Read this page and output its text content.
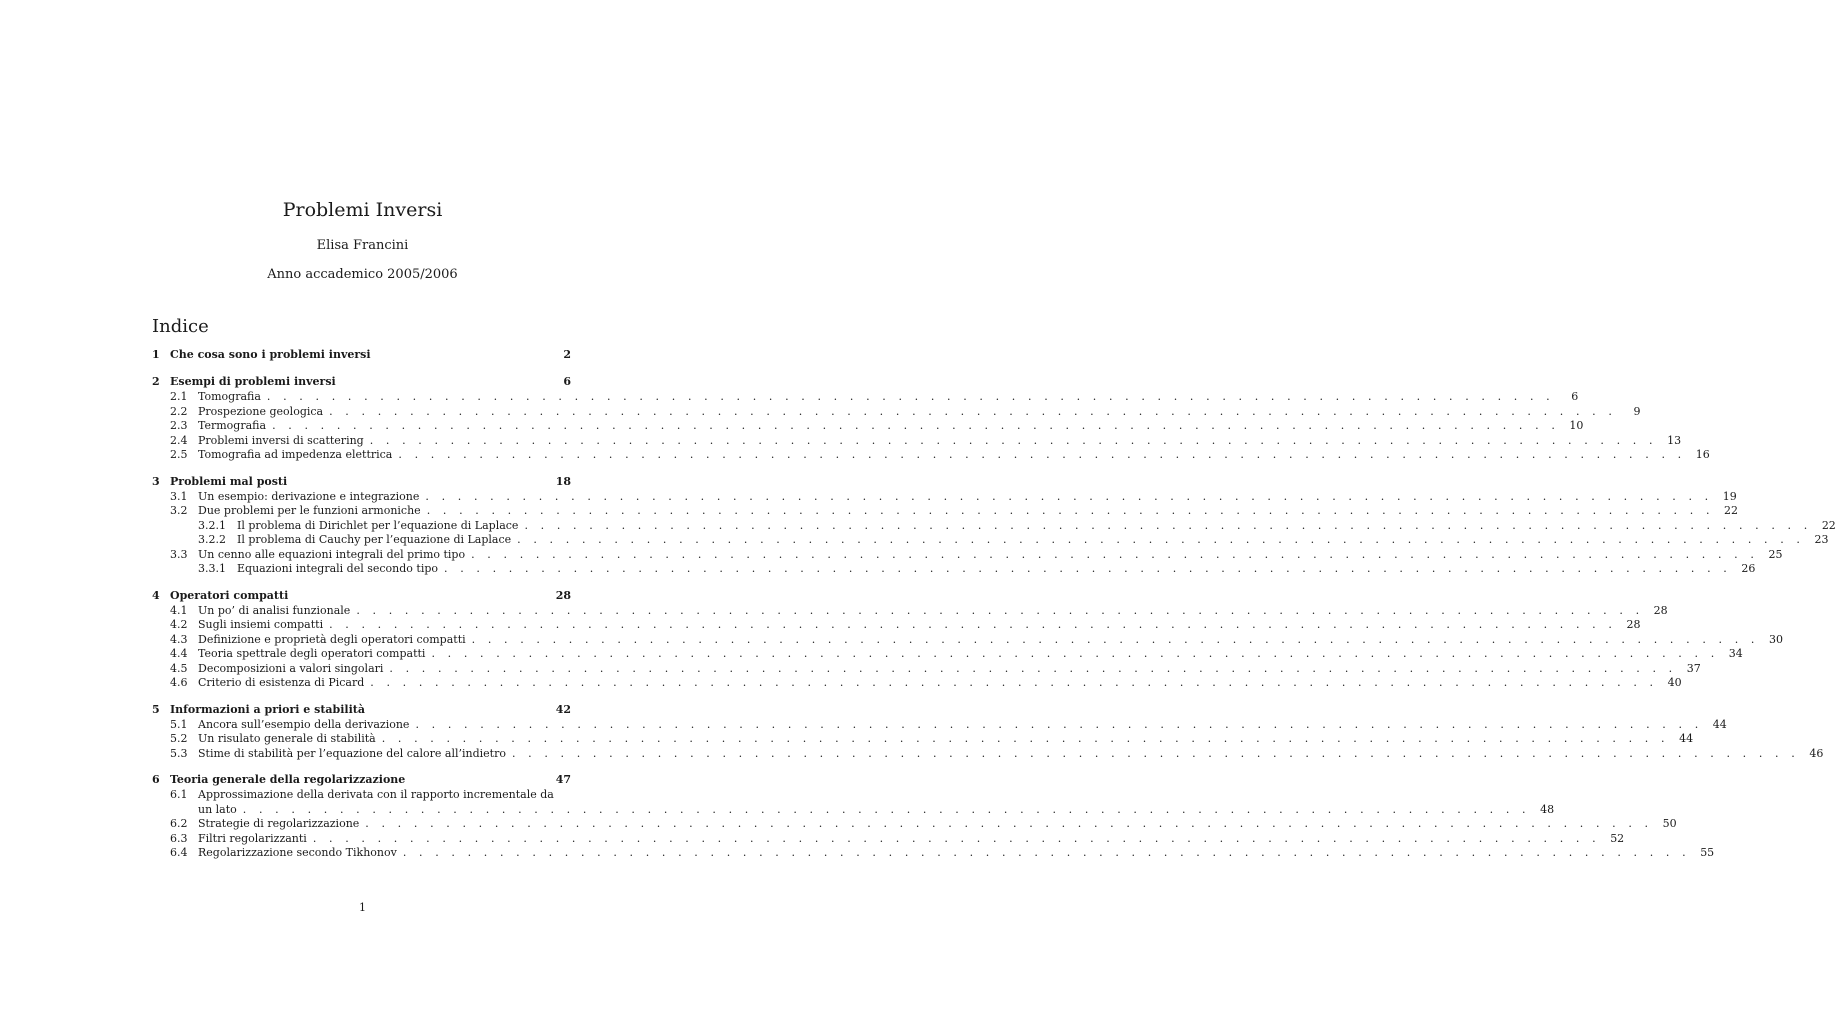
Problemi Inversi
Elisa Francini
Anno accademico 2005/2006
Indice
1 Che cosa sono i problemi inversi	2
2 Esempi di problemi inversi	6
2.1 Tomografia . . . . . . . . . . . . . . . . . . . . . . . . . . . . . . . . . . . . . . . . . . . . . . . . . . . . . . . . . . . . . . . . . . . . . . . . . . . . . . . .	6
2.2 Prospezione geologica . . . . . . . . . . . . . . . . . . . . . . . . . . . . . . . . . . . . . . . . . . . . . . . . . . . . . . . . . . . . . . . . . . . . . . . . . . . . . . . .	9
2.3 Termografia . . . . . . . . . . . . . . . . . . . . . . . . . . . . . . . . . . . . . . . . . . . . . . . . . . . . . . . . . . . . . . . . . . . . . . . . . . . . . . . . 10
2.4 Problemi inversi di scattering . . . . . . . . . . . . . . . . . . . . . . . . . . . . . . . . . . . . . . . . . . . . . . . . . . . . . . . . . . . . . . . . . . . . . . . . . . . . . . . . 13
2.5 Tomografia ad impedenza elettrica . . . . . . . . . . . . . . . . . . . . . . . . . . . . . . . . . . . . . . . . . . . . . . . . . . . . . . . . . . . . . . . . . . . . . . . . . . . . . . . . 16
3 Problemi mal posti	18
3.1 Un esempio: derivazione e integrazione . . . . . . . . . . . . . . . . . . . . . . . . . . . . . . . . . . . . . . . . . . . . . . . . . . . . . . . . . . . . . . . . . . . . . . . . . . . . . . . . 19
3.2 Due problemi per le funzioni armoniche . . . . . . . . . . . . . . . . . . . . . . . . . . . . . . . . . . . . . . . . . . . . . . . . . . . . . . . . . . . . . . . . . . . . . . . . . . . . . . . . 22
3.2.1	Il problema di Dirichlet per l’equazione di Laplace . . . . . . . . . . . . . . . . . . . . . . . . . . . . . . . . . . . . . . . . . . . . . . . . . . . . . . . . . . . . . . . . . . . . . . . . . . . . . . . . 22
3.2.2	Il problema di Cauchy per l’equazione di Laplace . . . . . . . . . . . . . . . . . . . . . . . . . . . . . . . . . . . . . . . . . . . . . . . . . . . . . . . . . . . . . . . . . . . . . . . . . . . . . . . . 23
3.3 Un cenno alle equazioni integrali del primo tipo . . . . . . . . . . . . . . . . . . . . . . . . . . . . . . . . . . . . . . . . . . . . . . . . . . . . . . . . . . . . . . . . . . . . . . . . . . . . . . . . 25
3.3.1	Equazioni integrali del secondo tipo . . . . . . . . . . . . . . . . . . . . . . . . . . . . . . . . . . . . . . . . . . . . . . . . . . . . . . . . . . . . . . . . . . . . . . . . . . . . . . . . 26
4 Operatori compatti	28
4.1 Un po’ di analisi funzionale . . . . . . . . . . . . . . . . . . . . . . . . . . . . . . . . . . . . . . . . . . . . . . . . . . . . . . . . . . . . . . . . . . . . . . . . . . . . . . . . 28
4.2 Sugli insiemi compatti . . . . . . . . . . . . . . . . . . . . . . . . . . . . . . . . . . . . . . . . . . . . . . . . . . . . . . . . . . . . . . . . . . . . . . . . . . . . . . . . 28
4.3 Definizione e proprietà degli operatori compatti . . . . . . . . . . . . . . . . . . . . . . . . . . . . . . . . . . . . . . . . . . . . . . . . . . . . . . . . . . . . . . . . . . . . . . . . . . . . . . . . 30
4.4 Teoria spettrale degli operatori compatti . . . . . . . . . . . . . . . . . . . . . . . . . . . . . . . . . . . . . . . . . . . . . . . . . . . . . . . . . . . . . . . . . . . . . . . . . . . . . . . . 34
4.5 Decomposizioni a valori singolari . . . . . . . . . . . . . . . . . . . . . . . . . . . . . . . . . . . . . . . . . . . . . . . . . . . . . . . . . . . . . . . . . . . . . . . . . . . . . . . . 37
4.6 Criterio di esistenza di Picard . . . . . . . . . . . . . . . . . . . . . . . . . . . . . . . . . . . . . . . . . . . . . . . . . . . . . . . . . . . . . . . . . . . . . . . . . . . . . . . . 40
5 Informazioni a priori e stabilità	42
5.1 Ancora sull’esempio della derivazione . . . . . . . . . . . . . . . . . . . . . . . . . . . . . . . . . . . . . . . . . . . . . . . . . . . . . . . . . . . . . . . . . . . . . . . . . . . . . . . . 44
5.2 Un risulato generale di stabilità . . . . . . . . . . . . . . . . . . . . . . . . . . . . . . . . . . . . . . . . . . . . . . . . . . . . . . . . . . . . . . . . . . . . . . . . . . . . . . . . 44
5.3 Stime di stabilità per l’equazione del calore all’indietro . . . . . . . . . . . . . . . . . . . . . . . . . . . . . . . . . . . . . . . . . . . . . . . . . . . . . . . . . . . . . . . . . . . . . . . . . . . . . . . . 46
6 Teoria generale della regolarizzazione	47
6.1 Approssimazione della derivata con il rapporto incrementale da
un lato . . . . . . . . . . . . . . . . . . . . . . . . . . . . . . . . . . . . . . . . . . . . . . . . . . . . . . . . . . . . . . . . . . . . . . . . . . . . . . . . 48
6.2 Strategie di regolarizzazione . . . . . . . . . . . . . . . . . . . . . . . . . . . . . . . . . . . . . . . . . . . . . . . . . . . . . . . . . . . . . . . . . . . . . . . . . . . . . . . . 50
6.3 Filtri regolarizzanti . . . . . . . . . . . . . . . . . . . . . . . . . . . . . . . . . . . . . . . . . . . . . . . . . . . . . . . . . . . . . . . . . . . . . . . . . . . . . . . . 52
6.4 Regolarizzazione secondo Tikhonov . . . . . . . . . . . . . . . . . . . . . . . . . . . . . . . . . . . . . . . . . . . . . . . . . . . . . . . . . . . . . . . . . . . . . . . . . . . . . . . . 55
1
